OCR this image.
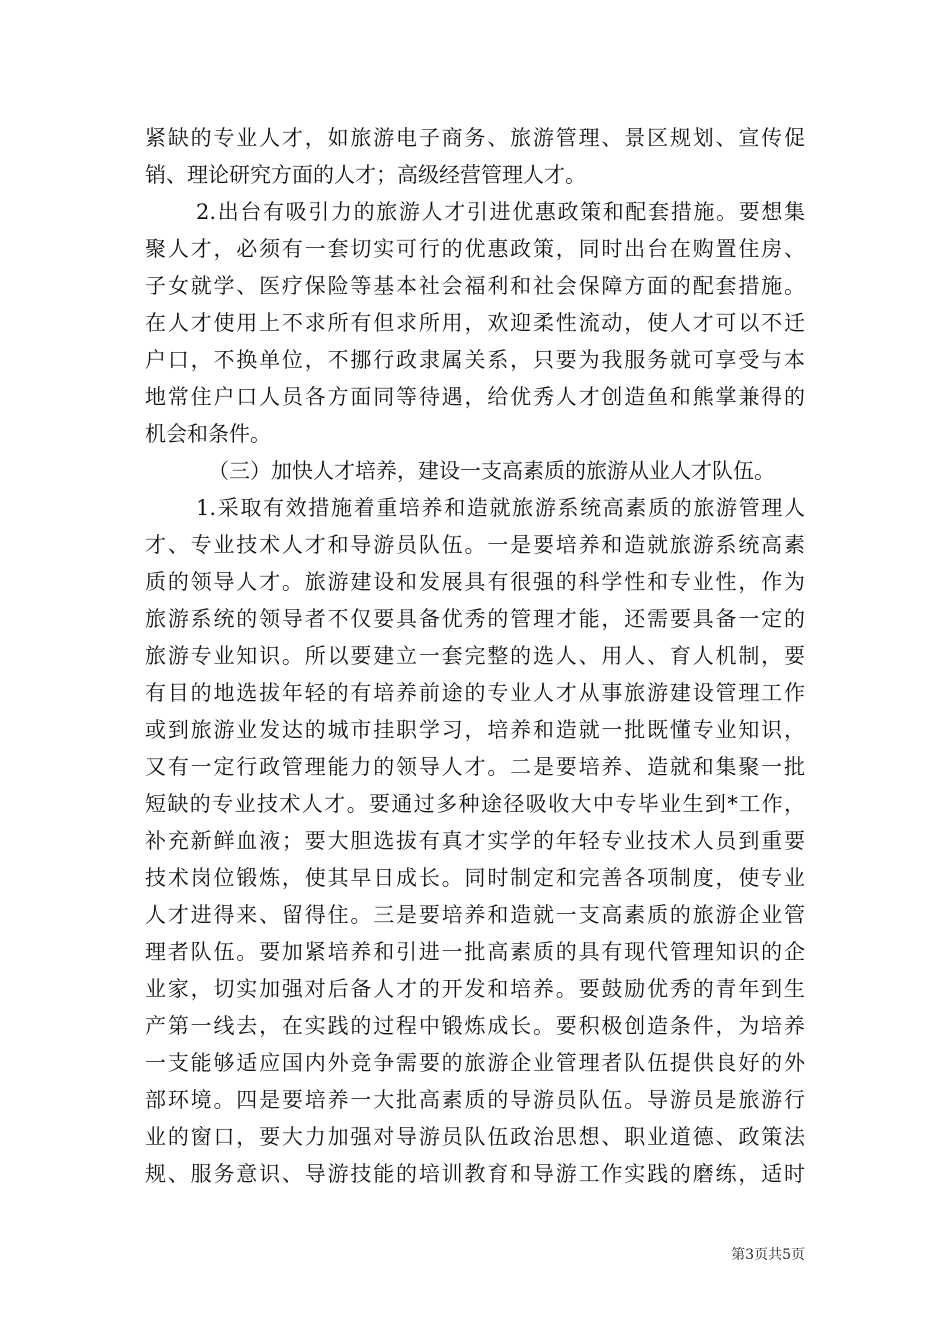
紧缺的专业人才，如旅游电子商务、旅游管理、景区规划、宣传促
销、理论研究方面的人才；高级经营管理人才。
2.出台有吸引力的旅游人才引进优惠政策和配套措施。要想集
聚人才，必须有一套切实可行的优惠政策，同时出台在购置住房、
子女就学、医疗保险等基本社会福利和社会保障方面的配套措施。
在人才使用上不求所有但求所用，欢迎柔性流动，使人才可以不迁
户口，不换单位，不挪行政隶属关系，只要为我服务就可享受与本
地常住户口人员各方面同等待遇，给优秀人才创造鱼和熊掌兼得的
机会和条件。
（三）加快人才培养，建设一支高素质的旅游从业人才队伍。
1.采取有效措施着重培养和造就旅游系统高素质的旅游管理人
才、专业技术人才和导游员队伍。一是要培养和造就旅游系统高素
质的领导人才。旅游建设和发展具有很强的科学性和专业性，作为
旅游系统的领导者不仅要具备优秀的管理才能，还需要具备一定的
旅游专业知识。所以要建立一套完整的选人、用人、育人机制，要
有目的地选拔年轻的有培养前途的专业人才从事旅游建设管理工作
或到旅游业发达的城市挂职学习，培养和造就一批既懂专业知识，
又有一定行政管理能力的领导人才。二是要培养、造就和集聚一批
短缺的专业技术人才。要通过多种途径吸收大中专毕业生到*工作，
补充新鲜血液；要大胆选拔有真才实学的年轻专业技术人员到重要
技术岗位锻炼，使其早日成长。同时制定和完善各项制度，使专业
人才进得来、留得住。三是要培养和造就一支高素质的旅游企业管
理者队伍。要加紧培养和引进一批高素质的具有现代管理知识的企
业家，切实加强对后备人才的开发和培养。要鼓励优秀的青年到生
产第一线去，在实践的过程中锻炼成长。要积极创造条件，为培养
一支能够适应国内外竞争需要的旅游企业管理者队伍提供良好的外
部环境。四是要培养一大批高素质的导游员队伍。导游员是旅游行
业的窗口，要大力加强对导游员队伍政治思想、职业道德、政策法
规、服务意识、导游技能的培训教育和导游工作实践的磨练，适时
第3页共5页
